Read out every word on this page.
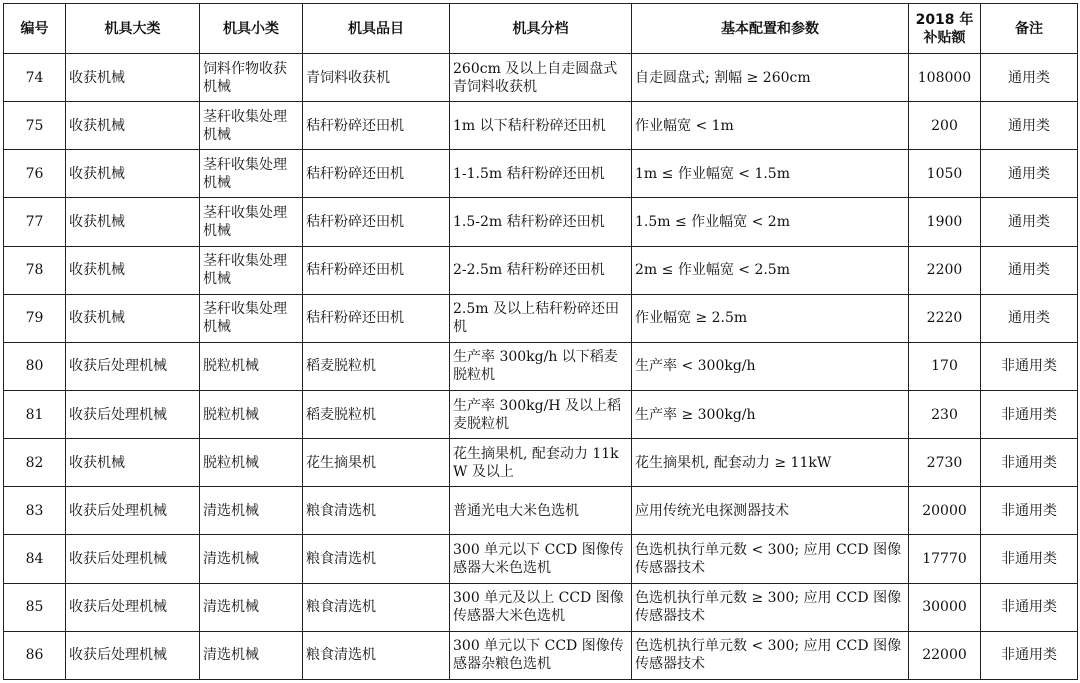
编号	机具大类	机具小类	机具品目	机具分档	基本配置和参数	2018 年补贴额	备注
74	收获机械	饲料作物收获机械	青饲料收获机	260cm 及以上自走圆盘式青饲料收获机	自走圆盘式; 割幅 ≥ 260cm	108000	通用类
75	收获机械	茎秆收集处理机械	秸秆粉碎还田机	1m 以下秸秆粉碎还田机	作业幅宽 < 1m	200	通用类
76	收获机械	茎秆收集处理机械	秸秆粉碎还田机	1-1.5m 秸秆粉碎还田机	1m ≤ 作业幅宽 < 1.5m	1050	通用类
77	收获机械	茎秆收集处理机械	秸秆粉碎还田机	1.5-2m 秸秆粉碎还田机	1.5m ≤ 作业幅宽 < 2m	1900	通用类
78	收获机械	茎秆收集处理机械	秸秆粉碎还田机	2-2.5m 秸秆粉碎还田机	2m ≤ 作业幅宽 < 2.5m	2200	通用类
79	收获机械	茎秆收集处理机械	秸秆粉碎还田机	2.5m 及以上秸秆粉碎还田机	作业幅宽 ≥ 2.5m	2220	通用类
80	收获后处理机械	脱粒机械	稻麦脱粒机	生产率 300kg/h 以下稻麦脱粒机	生产率 < 300kg/h	170	非通用类
81	收获后处理机械	脱粒机械	稻麦脱粒机	生产率 300kg/H 及以上稻麦脱粒机	生产率 ≥ 300kg/h	230	非通用类
82	收获机械	脱粒机械	花生摘果机	花生摘果机, 配套动力 11kW 及以上	花生摘果机, 配套动力 ≥ 11kW	2730	非通用类
83	收获后处理机械	清选机械	粮食清选机	普通光电大米色选机	应用传统光电探测器技术	20000	非通用类
84	收获后处理机械	清选机械	粮食清选机	300 单元以下 CCD 图像传感器大米色选机	色选机执行单元数 < 300; 应用 CCD 图像传感器技术	17770	非通用类
85	收获后处理机械	清选机械	粮食清选机	300 单元及以上 CCD 图像传感器大米色选机	色选机执行单元数 ≥ 300; 应用 CCD 图像传感器技术	30000	非通用类
86	收获后处理机械	清选机械	粮食清选机	300 单元以下 CCD 图像传感器杂粮色选机	色选机执行单元数 < 300; 应用 CCD 图像传感器技术	22000	非通用类
